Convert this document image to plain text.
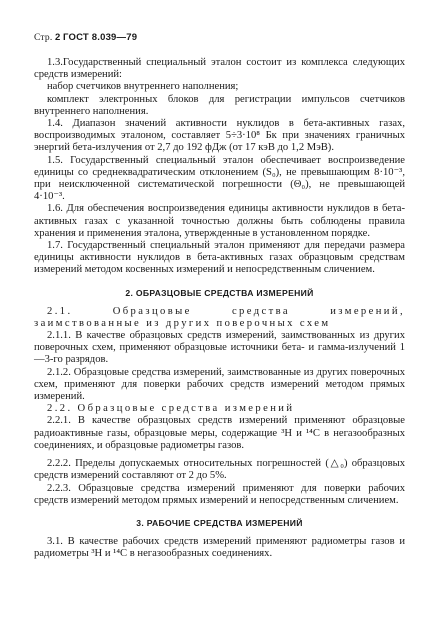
Стр. 2 ГОСТ 8.039—79

1.3.Государственный специальный эталон состоит из комплекса следующих средств измерений:

набор счетчиков внутреннего наполнения;

комплект электронных блоков для регистрации импульсов счетчиков внутреннего наполнения.

1.4. Диапазон значений активности нуклидов в бета-активных газах, воспроизводимых эталоном, составляет 5÷3·10⁸ Бк при значениях граничных энергий бета-излучения от 2,7 до 192 фДж (от 17 кэВ до 1,2 МэВ).

1.5. Государственный специальный эталон обеспечивает воспроизведение единицы со среднеквадратическим отклонением (S₀), не превышающим 8·10⁻³, при неисключенной систематической погрешности (Θ₀), не превышающей 4·10⁻³.

1.6. Для обеспечения воспроизведения единицы активности нуклидов в бета-активных газах с указанной точностью должны быть соблюдены правила хранения и применения эталона, утвержденные в установленном порядке.

1.7. Государственный специальный эталон применяют для передачи размера единицы активности нуклидов в бета-активных газах образцовым средствам измерений методом косвенных измерений и непосредственным сличением.

2. ОБРАЗЦОВЫЕ СРЕДСТВА ИЗМЕРЕНИЙ

2.1. Образцовые средства измерений, заимствованные из других поверочных схем

2.1.1. В качестве образцовых средств измерений, заимствованных из других поверочных схем, применяют образцовые источники бета- и гамма-излучений 1—3-го разрядов.

2.1.2. Образцовые средства измерений, заимствованные из других поверочных схем, применяют для поверки рабочих средств измерений методом прямых измерений.

2.2. Образцовые средства измерений

2.2.1. В качестве образцовых средств измерений применяют образцовые радиоактивные газы, образцовые меры, содержащие ³H и ¹⁴C в негазообразных соединениях, и образцовые радиометры газов.

2.2.2. Пределы допускаемых относительных погрешностей (△₀) образцовых средств измерений составляют от 2 до 5%.

2.2.3. Образцовые средства измерений применяют для поверки рабочих средств измерений методом прямых измерений и непосредственным сличением.

3. РАБОЧИЕ СРЕДСТВА ИЗМЕРЕНИЙ

3.1. В качестве рабочих средств измерений применяют радиометры газов и радиометры ³H и ¹⁴C в негазообразных соединениях.
